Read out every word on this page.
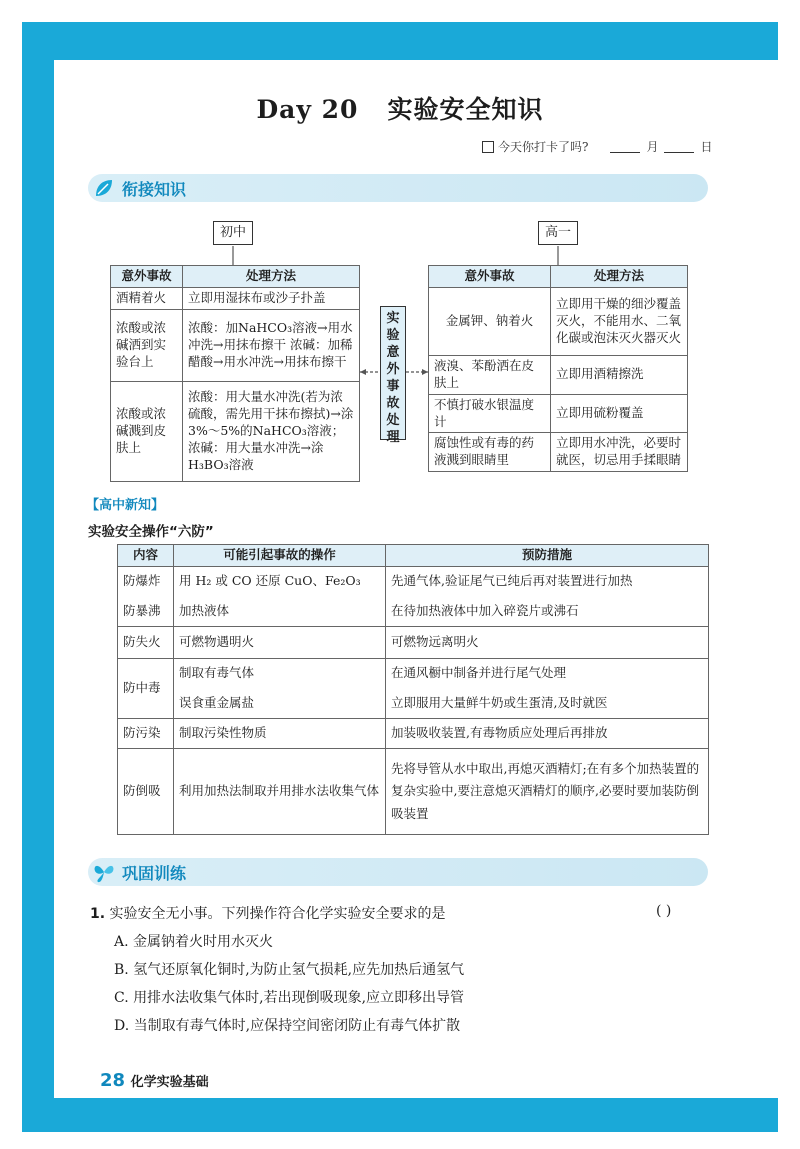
Day 20 实验安全知识
今天你打卡了吗?	月	日
衔接知识
初中	高一
实
验
意
外
事
故
处
理
意外事故	处理方法
酒精着火	立即用湿抹布或沙子扑盖
浓酸或浓碱洒到实验台上	浓酸：加NaHCO₃溶液→用水冲洗→用抹布擦干 浓碱：加稀醋酸→用水冲洗→用抹布擦干
浓酸或浓碱溅到皮肤上	浓酸：用大量水冲洗(若为浓硫酸，需先用干抹布擦拭)→涂3%～5%的NaHCO₃溶液；浓碱：用大量水冲洗→涂H₃BO₃溶液
意外事故	处理方法
金属钾、钠着火	立即用干燥的细沙覆盖灭火，不能用水、二氧化碳或泡沫灭火器灭火
液溴、苯酚洒在皮肤上	立即用酒精擦洗
不慎打破水银温度计	立即用硫粉覆盖
腐蚀性或有毒的药液溅到眼睛里	立即用水冲洗，必要时就医，切忌用手揉眼睛
【高中新知】
实验安全操作“六防”
内容	可能引起事故的操作	预防措施
防爆炸	用 H₂ 或 CO 还原 CuO、Fe₂O₃	先通气体,验证尾气已纯后再对装置进行加热
防暴沸	加热液体	在待加热液体中加入碎瓷片或沸石
防失火	可燃物遇明火	可燃物远离明火
防中毒	制取有毒气体	在通风橱中制备并进行尾气处理
	误食重金属盐	立即服用大量鲜牛奶或生蛋清,及时就医
防污染	制取污染性物质	加装吸收装置,有毒物质应处理后再排放
防倒吸	利用加热法制取并用排水法收集气体	先将导管从水中取出,再熄灭酒精灯;在有多个加热装置的复杂实验中,要注意熄灭酒精灯的顺序,必要时要加装防倒吸装置
巩固训练
1. 实验安全无小事。下列操作符合化学实验安全要求的是	( )
A. 金属钠着火时用水灭火
B. 氢气还原氧化铜时,为防止氢气损耗,应先加热后通氢气
C. 用排水法收集气体时,若出现倒吸现象,应立即移出导管
D. 当制取有毒气体时,应保持空间密闭防止有毒气体扩散
28 化学实验基础
